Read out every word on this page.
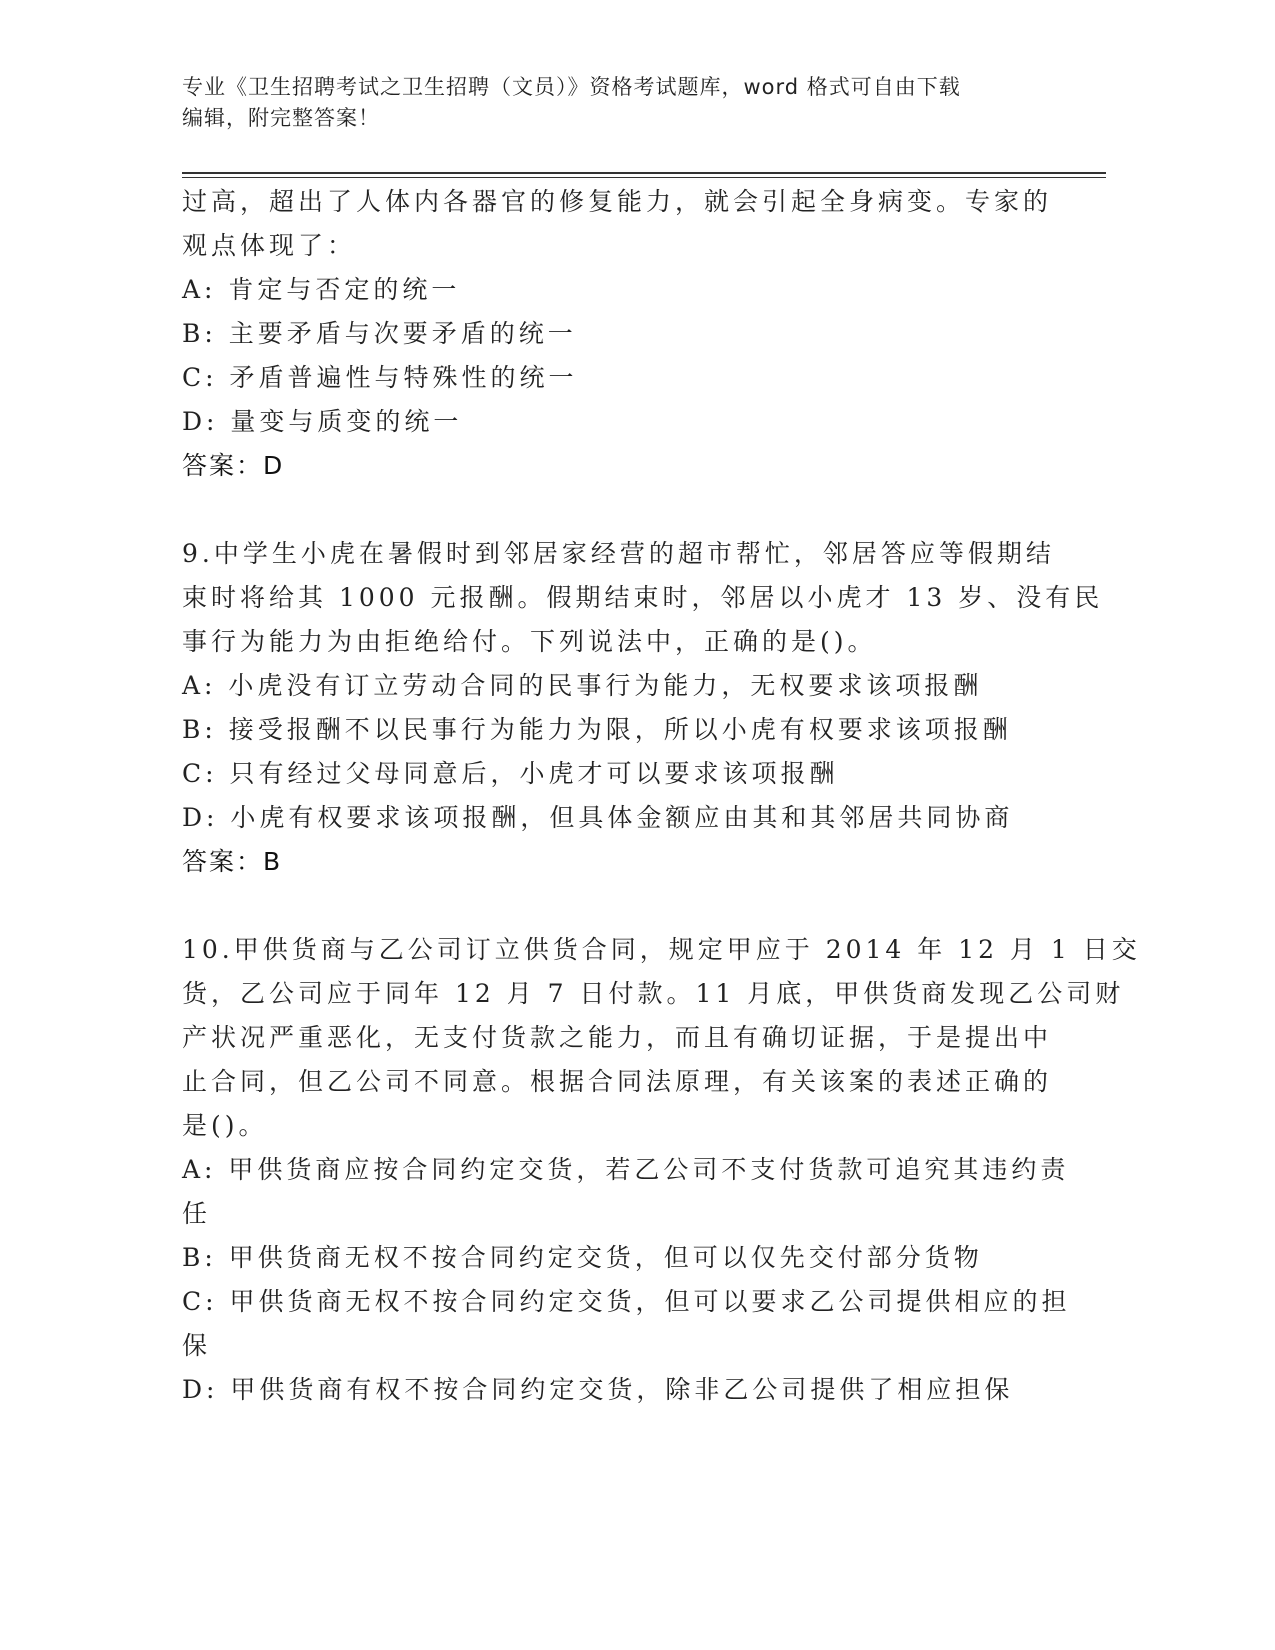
专业《卫生招聘考试之卫生招聘（文员）》资格考试题库，word 格式可自由下载
编辑，附完整答案！
过高，超出了人体内各器官的修复能力，就会引起全身病变。专家的
观点体现了：
A: 肯定与否定的统一
B: 主要矛盾与次要矛盾的统一
C: 矛盾普遍性与特殊性的统一
D: 量变与质变的统一
答案：D
9.中学生小虎在暑假时到邻居家经营的超市帮忙，邻居答应等假期结
束时将给其 1000 元报酬。假期结束时，邻居以小虎才 13 岁、没有民
事行为能力为由拒绝给付。下列说法中，正确的是()。
A: 小虎没有订立劳动合同的民事行为能力，无权要求该项报酬
B: 接受报酬不以民事行为能力为限，所以小虎有权要求该项报酬
C: 只有经过父母同意后，小虎才可以要求该项报酬
D: 小虎有权要求该项报酬，但具体金额应由其和其邻居共同协商
答案：B
10.甲供货商与乙公司订立供货合同，规定甲应于 2014 年 12 月 1 日交
货，乙公司应于同年 12 月 7 日付款。11 月底，甲供货商发现乙公司财
产状况严重恶化，无支付货款之能力，而且有确切证据，于是提出中
止合同，但乙公司不同意。根据合同法原理，有关该案的表述正确的
是()。
A: 甲供货商应按合同约定交货，若乙公司不支付货款可追究其违约责
任
B: 甲供货商无权不按合同约定交货，但可以仅先交付部分货物
C: 甲供货商无权不按合同约定交货，但可以要求乙公司提供相应的担
保
D: 甲供货商有权不按合同约定交货，除非乙公司提供了相应担保
